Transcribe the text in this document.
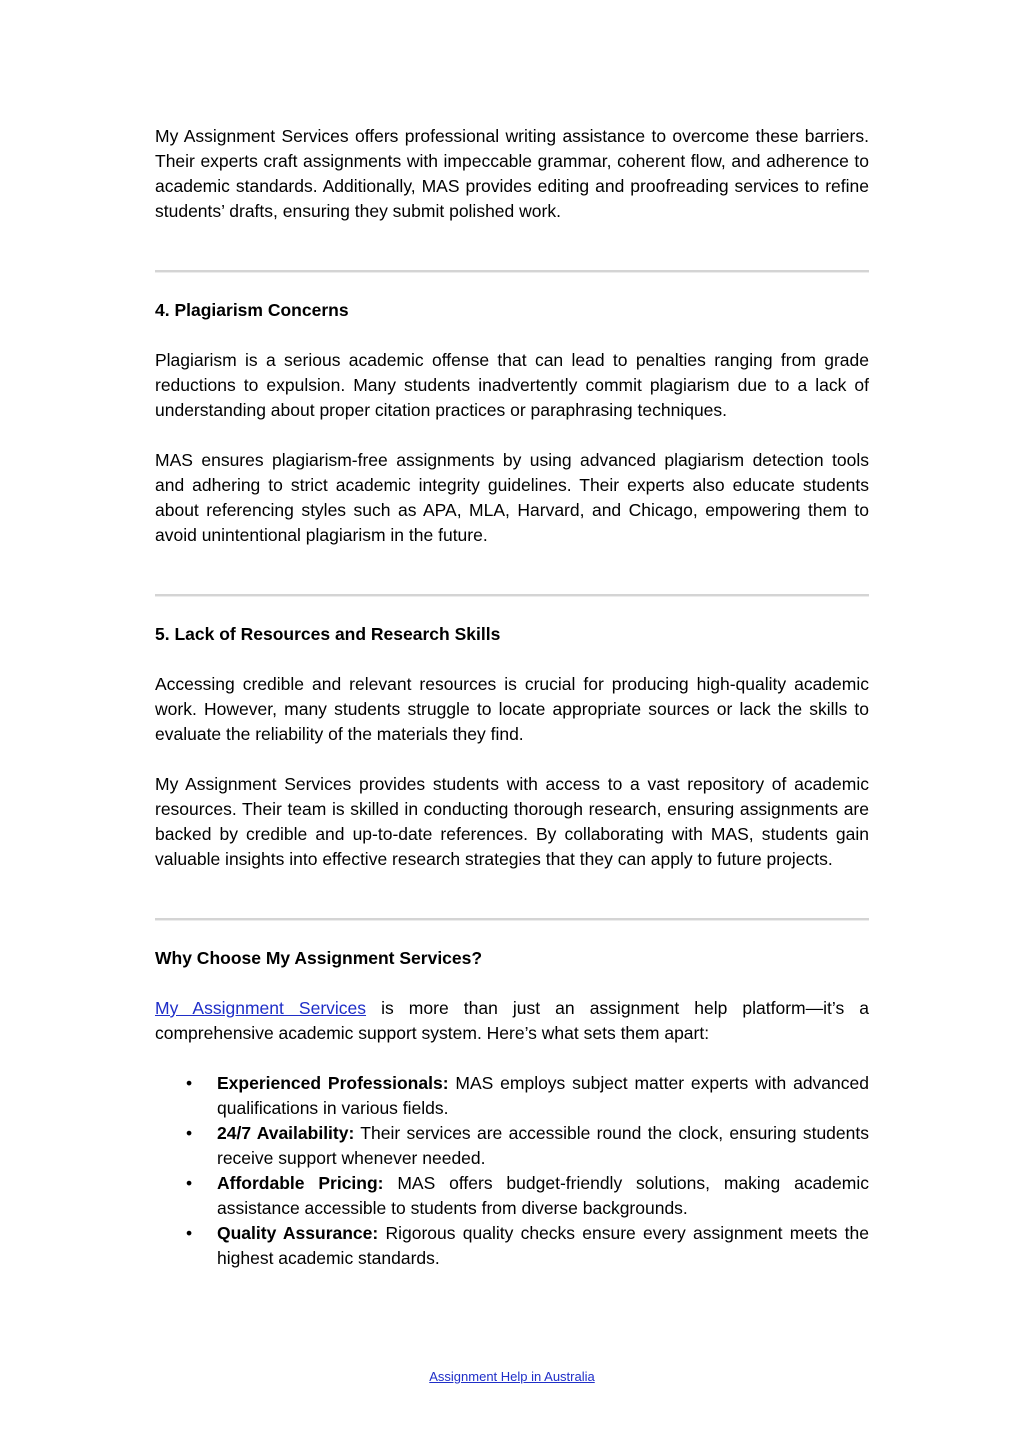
My Assignment Services offers professional writing assistance to overcome these barriers. Their experts craft assignments with impeccable grammar, coherent flow, and adherence to academic standards. Additionally, MAS provides editing and proofreading services to refine students’ drafts, ensuring they submit polished work.

4. Plagiarism Concerns

Plagiarism is a serious academic offense that can lead to penalties ranging from grade reductions to expulsion. Many students inadvertently commit plagiarism due to a lack of understanding about proper citation practices or paraphrasing techniques.

MAS ensures plagiarism-free assignments by using advanced plagiarism detection tools and adhering to strict academic integrity guidelines. Their experts also educate students about referencing styles such as APA, MLA, Harvard, and Chicago, empowering them to avoid unintentional plagiarism in the future.

5. Lack of Resources and Research Skills

Accessing credible and relevant resources is crucial for producing high-quality academic work. However, many students struggle to locate appropriate sources or lack the skills to evaluate the reliability of the materials they find.

My Assignment Services provides students with access to a vast repository of academic resources. Their team is skilled in conducting thorough research, ensuring assignments are backed by credible and up-to-date references. By collaborating with MAS, students gain valuable insights into effective research strategies that they can apply to future projects.

Why Choose My Assignment Services?

My Assignment Services is more than just an assignment help platform—it’s a comprehensive academic support system. Here’s what sets them apart:

• Experienced Professionals: MAS employs subject matter experts with advanced qualifications in various fields.
• 24/7 Availability: Their services are accessible round the clock, ensuring students receive support whenever needed.
• Affordable Pricing: MAS offers budget-friendly solutions, making academic assistance accessible to students from diverse backgrounds.
• Quality Assurance: Rigorous quality checks ensure every assignment meets the highest academic standards.
Assignment Help in Australia
